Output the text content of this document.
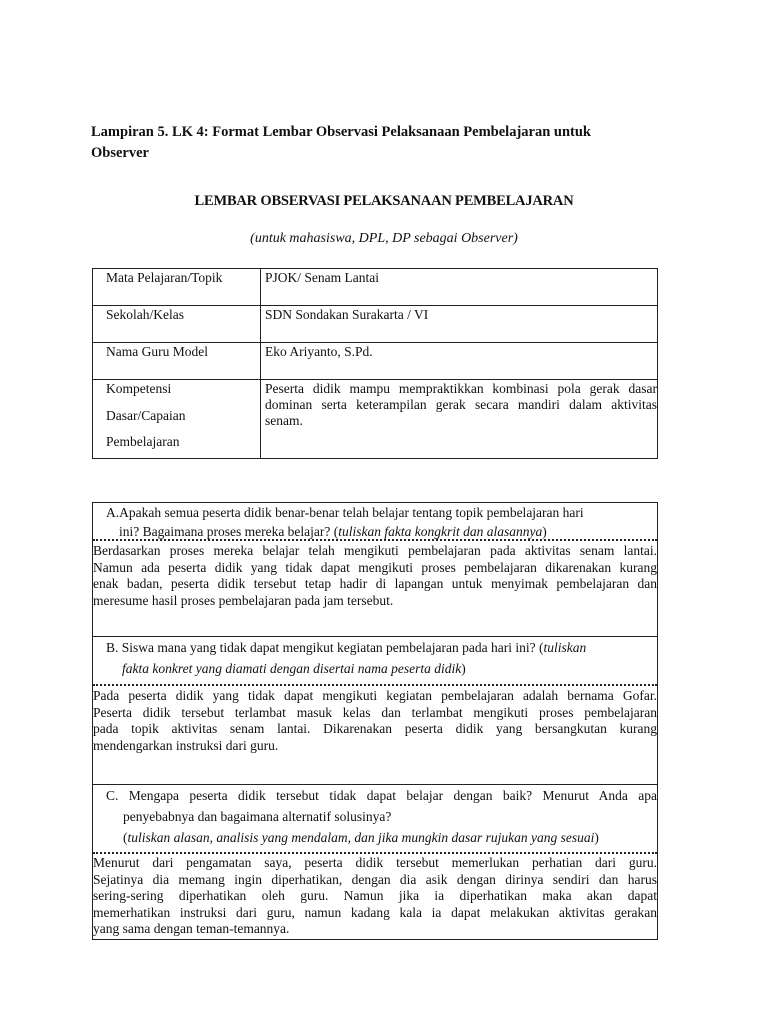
Lampiran 5. LK 4: Format Lembar Observasi Pelaksanaan Pembelajaran untuk
Observer
LEMBAR OBSERVASI PELAKSANAAN PEMBELAJARAN
(untuk mahasiswa, DPL, DP sebagai Observer)
Mata Pelajaran/Topik	PJOK/ Senam Lantai
Sekolah/Kelas	SDN Sondakan Surakarta / VI
Nama Guru Model	Eko Ariyanto, S.Pd.

Kompetensi
Dasar/Capaian
Pembelajaran	Peserta didik mampu mempraktikkan kombinasi pola gerak dasar dominan serta keterampilan gerak secara mandiri dalam aktivitas senam.
A.Apakah semua peserta didik benar-benar telah belajar tentang topik pembelajaran hari
ini? Bagaimana proses mereka belajar? (tuliskan fakta kongkrit dan alasannya)
Berdasarkan proses mereka belajar telah mengikuti pembelajaran pada aktivitas senam lantai.
Namun ada peserta didik yang tidak dapat mengikuti proses pembelajaran dikarenakan kurang
enak badan, peserta didik tersebut tetap hadir di lapangan untuk menyimak pembelajaran dan
meresume hasil proses pembelajaran pada jam tersebut.
B. Siswa mana yang tidak dapat mengikut kegiatan pembelajaran pada hari ini? (tuliskan
fakta konkret yang diamati dengan disertai nama peserta didik)
Pada peserta didik yang tidak dapat mengikuti kegiatan pembelajaran adalah bernama Gofar.
Peserta didik tersebut terlambat masuk kelas dan terlambat mengikuti proses pembelajaran
pada topik aktivitas senam lantai. Dikarenakan peserta didik yang bersangkutan kurang
mendengarkan instruksi dari guru.
C. Mengapa peserta didik tersebut tidak dapat belajar dengan baik? Menurut Anda apa
penyebabnya dan bagaimana alternatif solusinya?
(tuliskan alasan, analisis yang mendalam, dan jika mungkin dasar rujukan yang sesuai)
Menurut dari pengamatan saya, peserta didik tersebut memerlukan perhatian dari guru.
Sejatinya dia memang ingin diperhatikan, dengan dia asik dengan dirinya sendiri dan harus
sering-sering diperhatikan oleh guru. Namun jika ia diperhatikan maka akan dapat
memerhatikan instruksi dari guru, namun kadang kala ia dapat melakukan aktivitas gerakan
yang sama dengan teman-temannya.
